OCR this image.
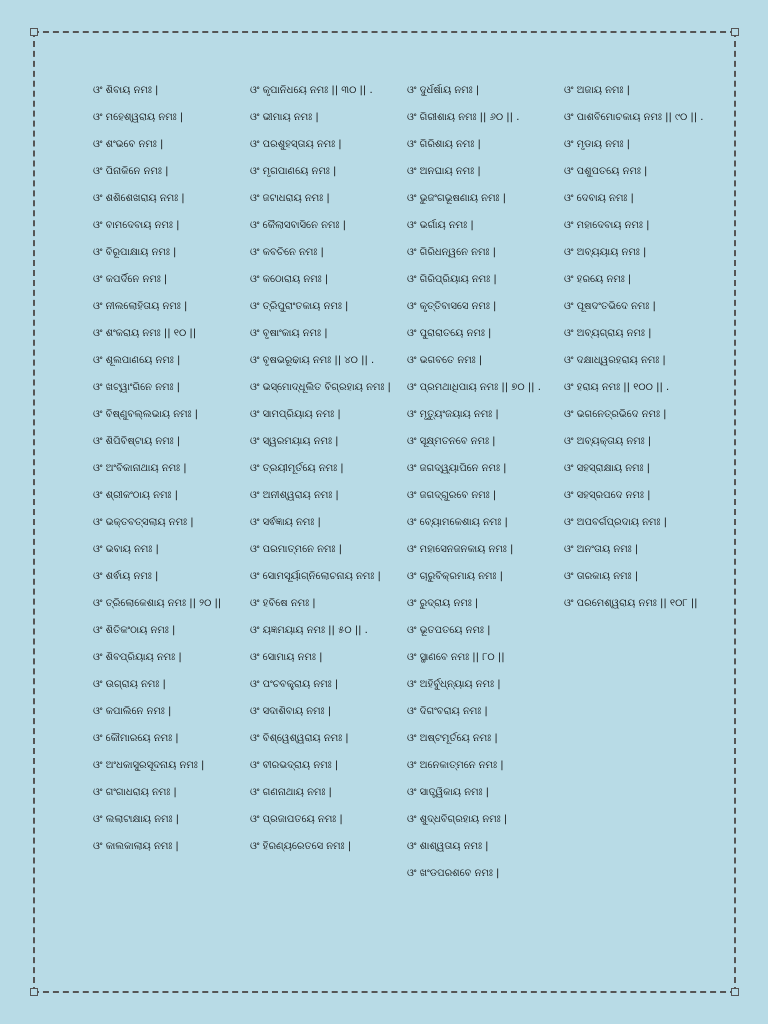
ଓଂ ଶିବାୟ ନମଃ |
ଓଂ ମହେଶ୍ୱରାୟ ନମଃ |
ଓଂ ଶଂଭବେ ନମଃ |
ଓଂ ପିନାକିନେ ନମଃ |
ଓଂ ଶଶିଶେଖରାୟ ନମଃ |
ଓଂ ବାମଦେବାୟ ନମଃ |
ଓଂ ବିରୂପାକ୍ଷାୟ ନମଃ |
ଓଂ କପର୍ଦିନେ ନମଃ |
ଓଂ ନୀଲଲୋହିତାୟ ନମଃ |
ଓଂ ଶଂକରାୟ ନମଃ || ୧୦ ||
ଓଂ ଶୂଲପାଣୟେ ନମଃ |
ଓଂ ଖଟ୍ୱାଂଗିନେ ନମଃ |
ଓଂ ବିଷ୍ଣୁବଲ୍ଲଭାୟ ନମଃ |
ଓଂ ଶିପିବିଷ୍ଟାୟ ନମଃ |
ଓଂ ଅଂବିକାନାଥାୟ ନମଃ |
ଓଂ ଶ୍ରୀକଂଠାୟ ନମଃ |
ଓଂ ଭକ୍ତବତ୍ସଲାୟ ନମଃ |
ଓଂ ଭବାୟ ନମଃ |
ଓଂ ଶର୍ଵାୟ ନମଃ |
ଓଂ ତ୍ରିଲୋକେଶାୟ ନମଃ || ୨୦ ||
ଓଂ ଶିତିକଂଠାୟ ନମଃ |
ଓଂ ଶିବପ୍ରିୟାୟ ନମଃ |
ଓଂ ଉଗ୍ରାୟ ନମଃ |
ଓଂ କପାଲିନେ ନମଃ |
ଓଂ କୌମାରୟେ ନମଃ |
ଓଂ ଅଂଧକାସୁରସୂଦନାୟ ନମଃ |
ଓଂ ଗଂଗାଧରାୟ ନମଃ |
ଓଂ ଲଲାଟାକ୍ଷାୟ ନମଃ |
ଓଂ କାଲକାଲାୟ ନମଃ |
ଓଂ କୃପାନିଧୟେ ନମଃ || ୩୦ || .
ଓଂ ଭୀମାୟ ନମଃ |
ଓଂ ପରଶୁହସ୍ତାୟ ନମଃ |
ଓଂ ମୃଗପାଣୟେ ନମଃ |
ଓଂ ଜଟାଧରାୟ ନମଃ |
ଓଂ କୈଲାସବାସିନେ ନମଃ |
ଓଂ କବଚିନେ ନମଃ |
ଓଂ କଠୋରାୟ ନମଃ |
ଓଂ ତ୍ରିପୁରାଂତକାୟ ନମଃ |
ଓଂ ବୃଷାଂକାୟ ନମଃ |
ଓଂ ବୃଷଭରୂଢାୟ ନମଃ || ୪୦ || .
ଓଂ ଭସ୍ମୋଦ୍ଧୂଲିତ ବିଗ୍ରହାୟ ନମଃ |
ଓଂ ସାମପ୍ରିୟାୟ ନମଃ |
ଓଂ ସ୍ୱରମୟାୟ ନମଃ |
ଓଂ ତ୍ରୟୀମୂର୍ତୟେ ନମଃ |
ଓଂ ଅନୀଶ୍ୱରାୟ ନମଃ |
ଓଂ ସର୍ଵଜ୍ଞାୟ ନମଃ |
ଓଂ ପରମାତ୍ମନେ ନମଃ |
ଓଂ ସୋମସୂର୍ୟାଗ୍ନିଲୋଚନାୟ ନମଃ |
ଓଂ ହବିଷେ ନମଃ |
ଓଂ ୟଜ୍ଞମୟାୟ ନମଃ || ୫୦ || .
ଓଂ ସୋମାୟ ନମଃ |
ଓଂ ପଂଚବକ୍ତ୍ରାୟ ନମଃ |
ଓଂ ସଦାଶିବାୟ ନମଃ |
ଓଂ ବିଶ୍ୱେଶ୍ୱରାୟ ନମଃ |
ଓଂ ବୀରଭଦ୍ରାୟ ନମଃ |
ଓଂ ଗଣନାଥାୟ ନମଃ |
ଓଂ ପ୍ରଜାପତୟେ ନମଃ |
ଓଂ ହିରଣ୍ୟରେତସେ ନମଃ |
ଓଂ ଦୁର୍ଧର୍ଷାୟ ନମଃ |
ଓଂ ଗିରୀଶାୟ ନମଃ || ୬୦ || .
ଓଂ ଗିରିଶାୟ ନମଃ |
ଓଂ ଅନଘାୟ ନମଃ |
ଓଂ ଭୁଜଂଗଭୂଷଣାୟ ନମଃ |
ଓଂ ଭର୍ଗାୟ ନମଃ |
ଓଂ ଗିରିଧନ୍ୱନେ ନମଃ |
ଓଂ ଗିରିପ୍ରିୟାୟ ନମଃ |
ଓଂ କୃତ୍ତିବାସସେ ନମଃ |
ଓଂ ପୁରାରାତୟେ ନମଃ |
ଓଂ ଭଗବତେ ନମଃ |
ଓଂ ପ୍ରମଥାଧିପାୟ ନମଃ || ୭୦ || .
ଓଂ ମୃତ୍ୟୁଂଜୟାୟ ନମଃ |
ଓଂ ସୂକ୍ଷ୍ମତନବେ ନମଃ |
ଓଂ ଜଗଦ୍ୱ୍ୟାପିନେ ନମଃ |
ଓଂ ଜଗଦ୍ଗୁରବେ ନମଃ |
ଓଂ ବ୍ୟୋମକେଶାୟ ନମଃ |
ଓଂ ମହାସେନଜନକାୟ ନମଃ |
ଓଂ ଚାରୁବିକ୍ରମାୟ ନମଃ |
ଓଂ ରୁଦ୍ରାୟ ନମଃ |
ଓଂ ଭୂତପତୟେ ନମଃ |
ଓଂ ସ୍ଥାଣବେ ନମଃ || ୮୦ ||
ଓଂ ଅହିର୍ବୁଧ୍ନ୍ୟାୟ ନମଃ |
ଓଂ ଦିଗଂବରାୟ ନମଃ |
ଓଂ ଅଷ୍ଟମୂର୍ତୟେ ନମଃ |
ଓଂ ଅନେକାତ୍ମନେ ନମଃ |
ଓଂ ସାତ୍ତ୍ୱିକାୟ ନମଃ |
ଓଂ ଶୁଦ୍ଧବିଗ୍ରହାୟ ନମଃ |
ଓଂ ଶାଶ୍ୱତାୟ ନମଃ |
ଓଂ ଖଂଡପରଶବେ ନମଃ |
ଓଂ ଅଜାୟ ନମଃ |
ଓଂ ପାଶବିମୋଚକାୟ ନମଃ || ୯୦ || .
ଓଂ ମୃଡାୟ ନମଃ |
ଓଂ ପଶୁପତୟେ ନମଃ |
ଓଂ ଦେବାୟ ନମଃ |
ଓଂ ମହାଦେବାୟ ନମଃ |
ଓଂ ଅବ୍ୟୟାୟ ନମଃ |
ଓଂ ହରୟେ ନମଃ |
ଓଂ ପୂଷଦଂତଭିଦେ ନମଃ |
ଓଂ ଅବ୍ୟଗ୍ରାୟ ନମଃ |
ଓଂ ଦକ୍ଷାଧ୍ୱରହରାୟ ନମଃ |
ଓଂ ହରାୟ ନମଃ || ୧୦୦ || .
ଓଂ ଭଗନେତ୍ରଭିଦେ ନମଃ |
ଓଂ ଅବ୍ୟକ୍ତାୟ ନମଃ |
ଓଂ ସହସ୍ରାକ୍ଷାୟ ନମଃ |
ଓଂ ସହସ୍ରପଦେ ନମଃ |
ଓଂ ଅପବର୍ଗପ୍ରଦାୟ ନମଃ |
ଓଂ ଅନଂତାୟ ନମଃ |
ଓଂ ତାରକାୟ ନମଃ |
ଓଂ ପରମେଶ୍ୱରାୟ ନମଃ || ୧୦୮ ||
